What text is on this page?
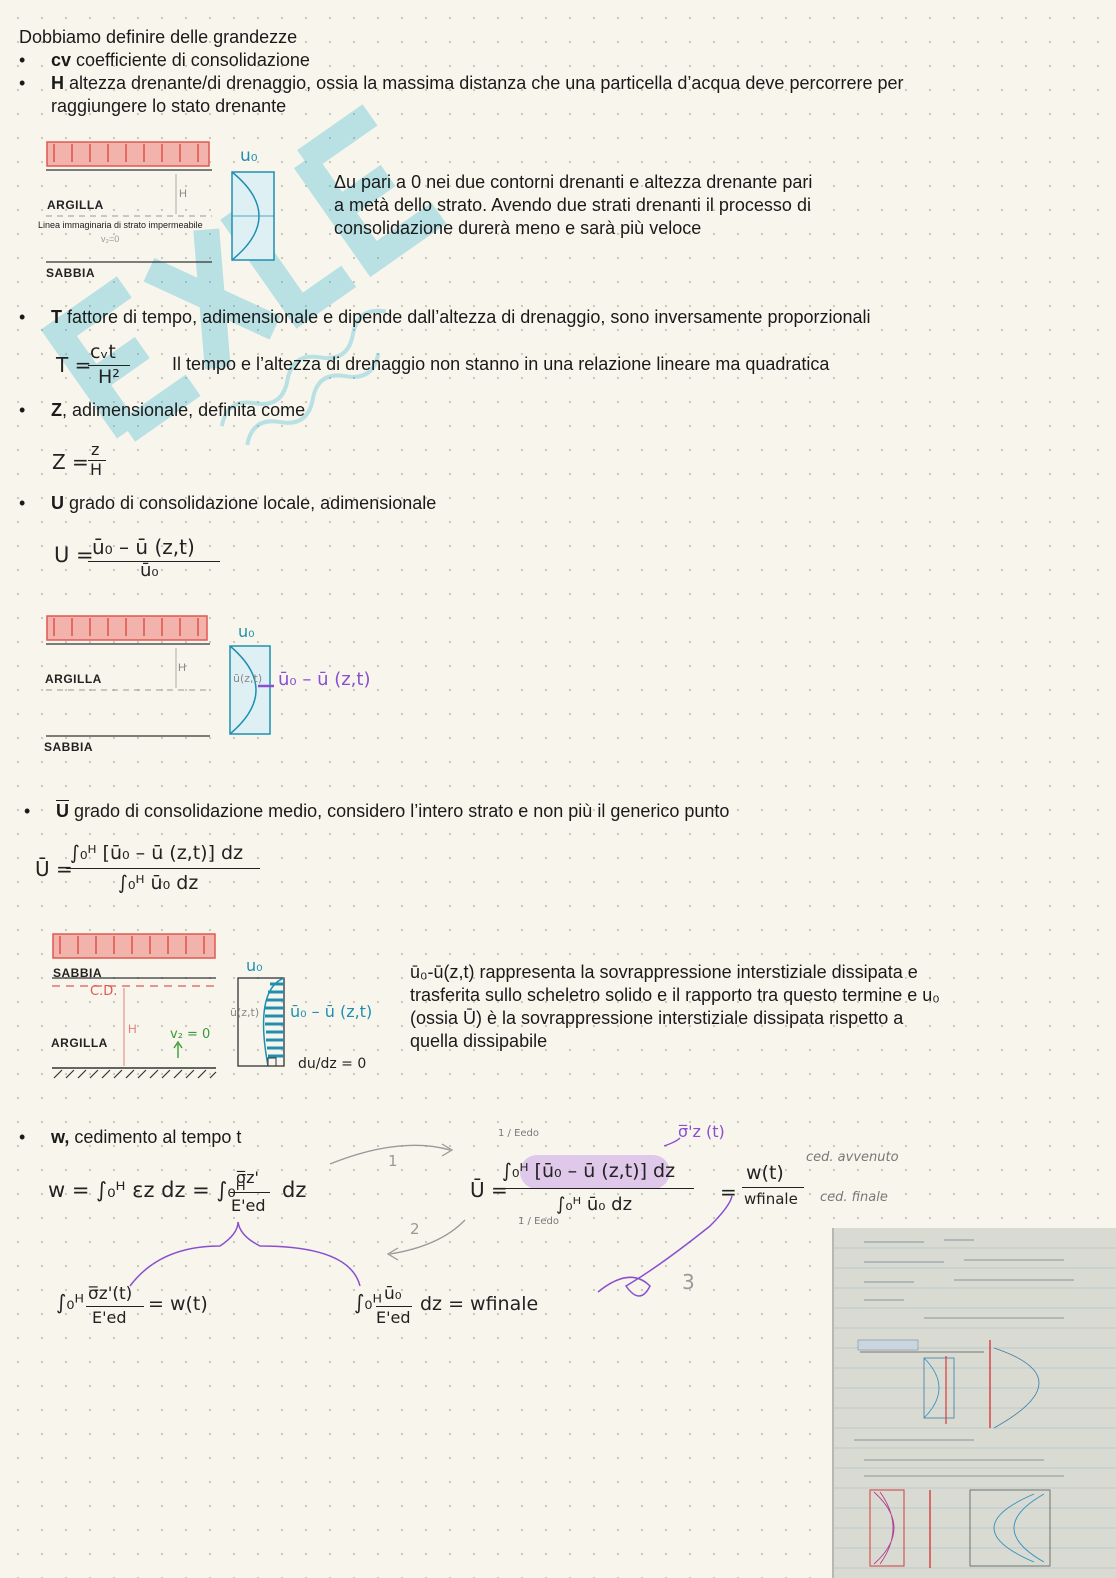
Dobbiamo definire delle grandezze
• cv coefficiente di consolidazione
• H altezza drenante/di drenaggio, ossia la massima distanza che una particella d’acqua deve percorrere per
raggiungere lo stato drenante
ARGILLA
SABBIA
Linea immaginaria di strato impermeabile
v₂=0
H
u₀
Δu pari a 0 nei due contorni drenanti e altezza drenante pari
a metà dello strato. Avendo due strati drenanti il processo di
consolidazione durerà meno e sarà più veloce
• T fattore di tempo, adimensionale e dipende dall’altezza di drenaggio, sono inversamente proporzionali
T =
cᵥt
H²
Il tempo e l’altezza di drenaggio non stanno in una relazione lineare ma quadratica
• Z, adimensionale, definita come
Z =
z
H
• U grado di consolidazione locale, adimensionale
U =
ū₀ – ū (z,t)
ū₀
ARGILLA
SABBIA
H
u₀
ū(z,t) ū₀ – ū (z,t)
• $\overline{U}$ grado di consolidazione medio, considero l’intero strato e non più il generico punto
Ū =
∫₀ᴴ [ū₀ – ū (z,t)] dz
∫₀ᴴ ū₀ dz
SABBIA
C.D.
H	v₂ = 0
ARGILLA
u₀
ū(z,t) ū₀ – ū (z,t)
du/dz = 0
ū₀-ū(z,t) rappresenta la sovrappressione interstiziale dissipata e
trasferita sullo scheletro solido e il rapporto tra questo termine e u₀
(ossia Ū) è la sovrappressione interstiziale dissipata rispetto a
quella dissipabile
• w, cedimento al tempo t
w = ∫₀ᴴ εz dz = ∫₀ᴴ
σ̅z'
E'ed
dz
1 / Eedo	σ̅'z (t)
Ū =
∫₀ᴴ [ū₀ – ū (z,t)] dz
∫₀ᴴ ū₀ dz
1 / Eedo
=
w(t)
wfinale
ced. avvenuto
ced. finale
1
2
3
∫₀ᴴ σ̅z'(t)
E'ed
= w(t)	∫₀ᴴ ū₀
E'ed
dz = wfinale
